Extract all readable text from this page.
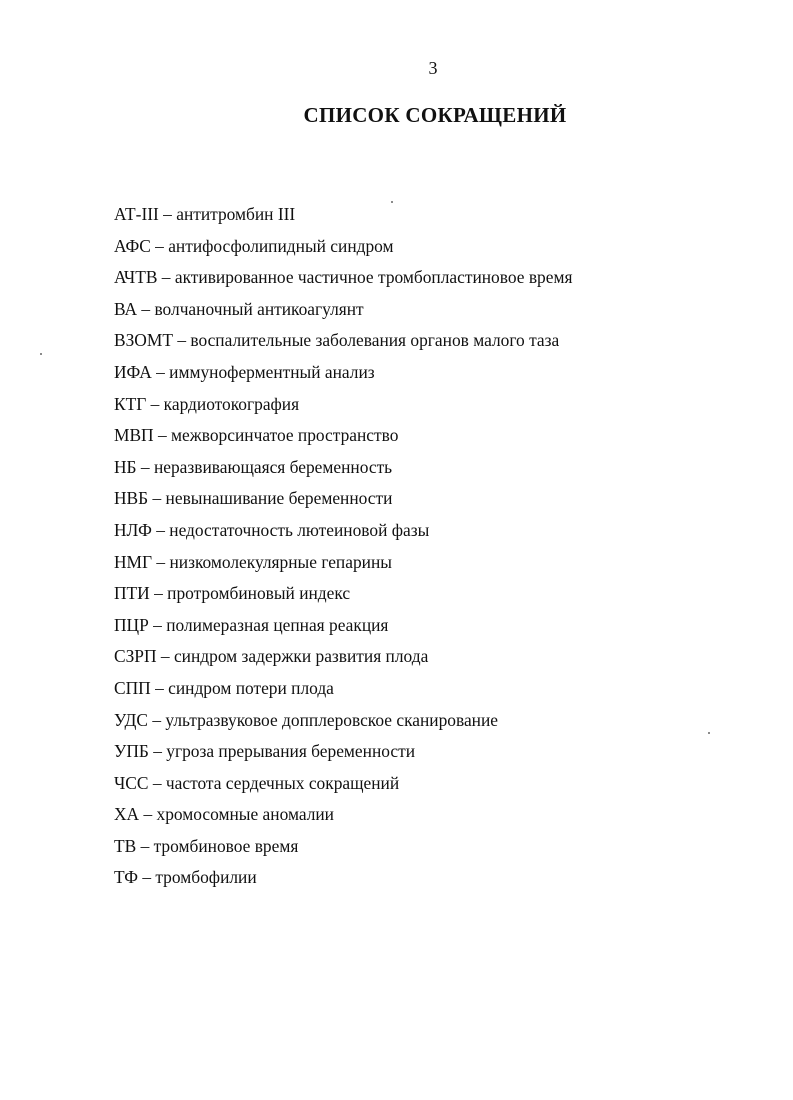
3
СПИСОК СОКРАЩЕНИЙ
АТ-III – антитромбин III
АФС – антифосфолипидный синдром
АЧТВ – активированное частичное тромбопластиновое время
ВА – волчаночный антикоагулянт
ВЗОМТ – воспалительные заболевания органов малого таза
ИФА – иммуноферментный анализ
КТГ – кардиотокография
МВП – межворсинчатое пространство
НБ – неразвивающаяся беременность
НВБ – невынашивание беременности
НЛФ – недостаточность лютеиновой фазы
НМГ – низкомолекулярные гепарины
ПТИ – протромбиновый индекс
ПЦР – полимеразная цепная реакция
СЗРП – синдром задержки развития плода
СПП – синдром потери плода
УДС – ультразвуковое допплеровское сканирование
УПБ – угроза прерывания беременности
ЧСС – частота сердечных сокращений
ХА – хромосомные аномалии
ТВ – тромбиновое время
ТФ – тромбофилии
